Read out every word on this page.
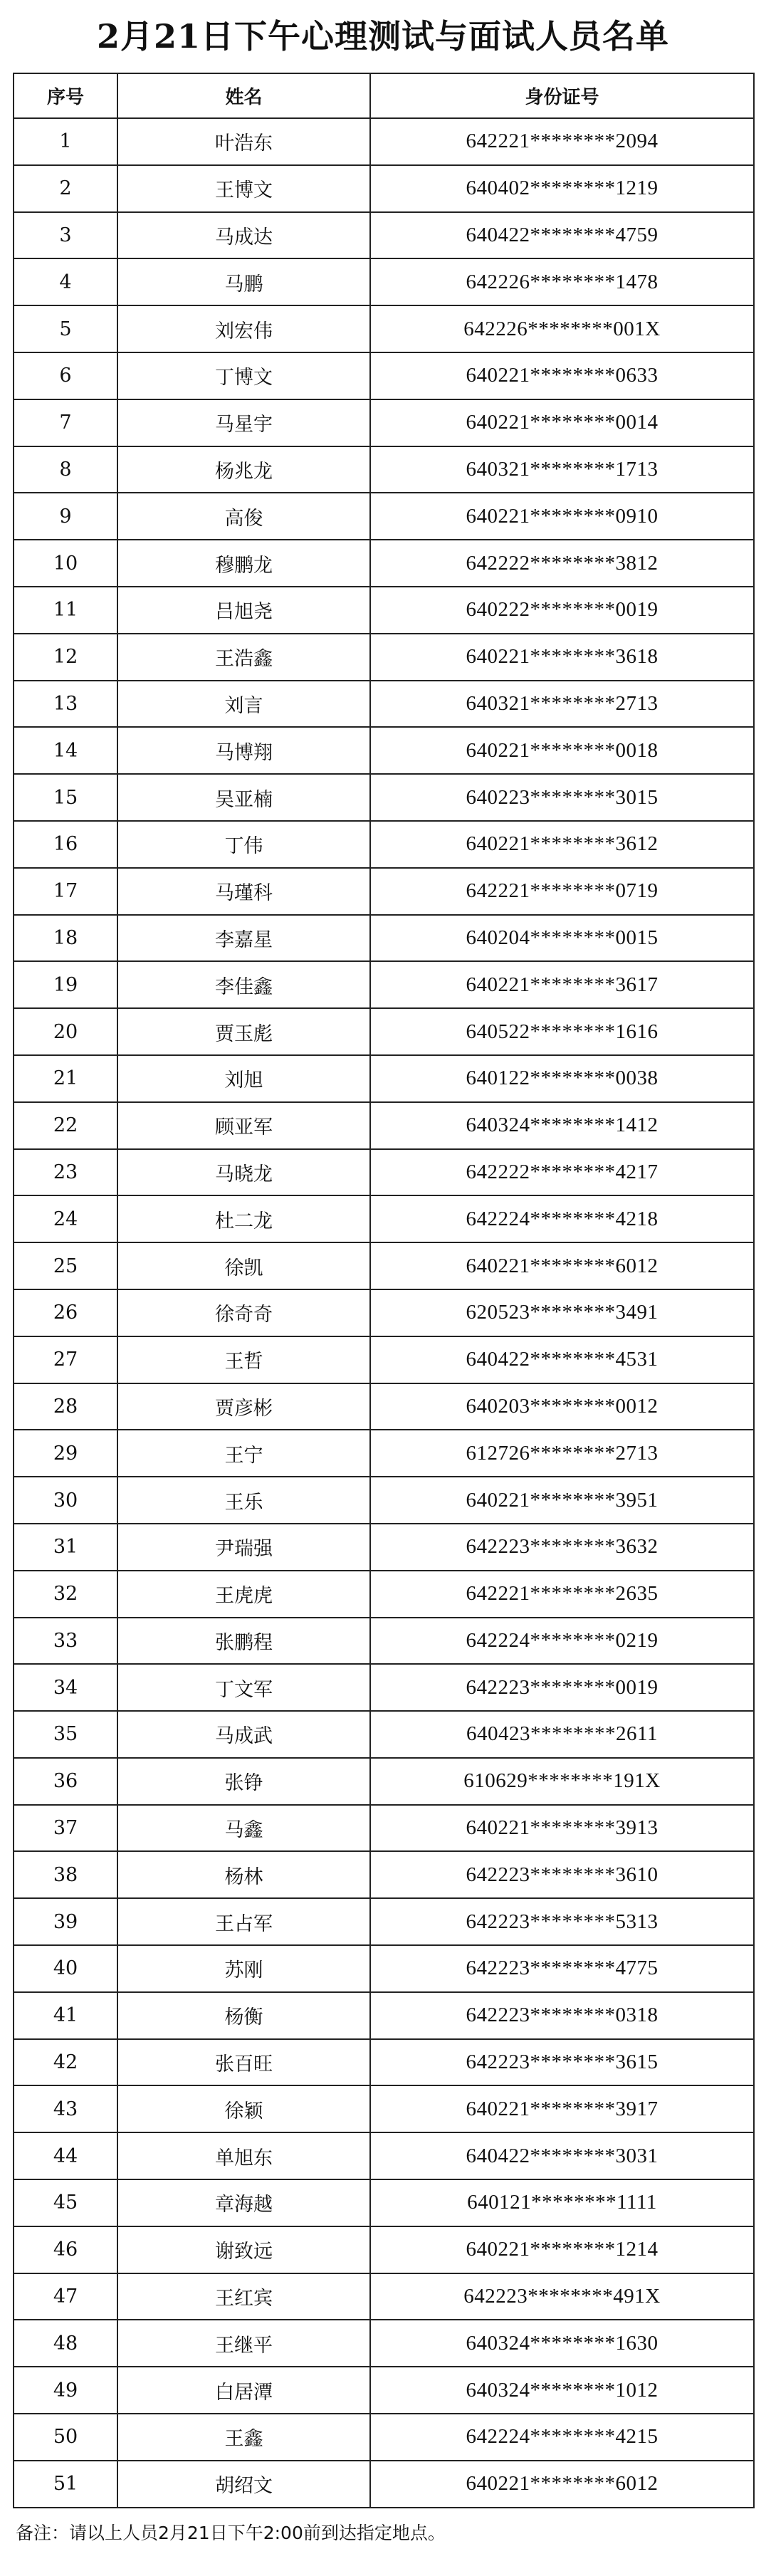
2月21日下午心理测试与面试人员名单
序号	姓名	身份证号
1	叶浩东	642221********2094
2	王博文	640402********1219
3	马成达	640422********4759
4	马鹏	642226********1478
5	刘宏伟	642226********001X
6	丁博文	640221********0633
7	马星宇	640221********0014
8	杨兆龙	640321********1713
9	高俊	640221********0910
10	穆鹏龙	642222********3812
11	吕旭尧	640222********0019
12	王浩鑫	640221********3618
13	刘言	640321********2713
14	马博翔	640221********0018
15	吴亚楠	640223********3015
16	丁伟	640221********3612
17	马瑾科	642221********0719
18	李嘉星	640204********0015
19	李佳鑫	640221********3617
20	贾玉彪	640522********1616
21	刘旭	640122********0038
22	顾亚军	640324********1412
23	马晓龙	642222********4217
24	杜二龙	642224********4218
25	徐凯	640221********6012
26	徐奇奇	620523********3491
27	王哲	640422********4531
28	贾彦彬	640203********0012
29	王宁	612726********2713
30	王乐	640221********3951
31	尹瑞强	642223********3632
32	王虎虎	642221********2635
33	张鹏程	642224********0219
34	丁文军	642223********0019
35	马成武	640423********2611
36	张铮	610629********191X
37	马鑫	640221********3913
38	杨林	642223********3610
39	王占军	642223********5313
40	苏刚	642223********4775
41	杨衡	642223********0318
42	张百旺	642223********3615
43	徐颖	640221********3917
44	单旭东	640422********3031
45	章海越	640121********1111
46	谢致远	640221********1214
47	王红宾	642223********491X
48	王继平	640324********1630
49	白居潭	640324********1012
50	王鑫	642224********4215
51	胡绍文	640221********6012
备注：请以上人员2月21日下午2:00前到达指定地点。
